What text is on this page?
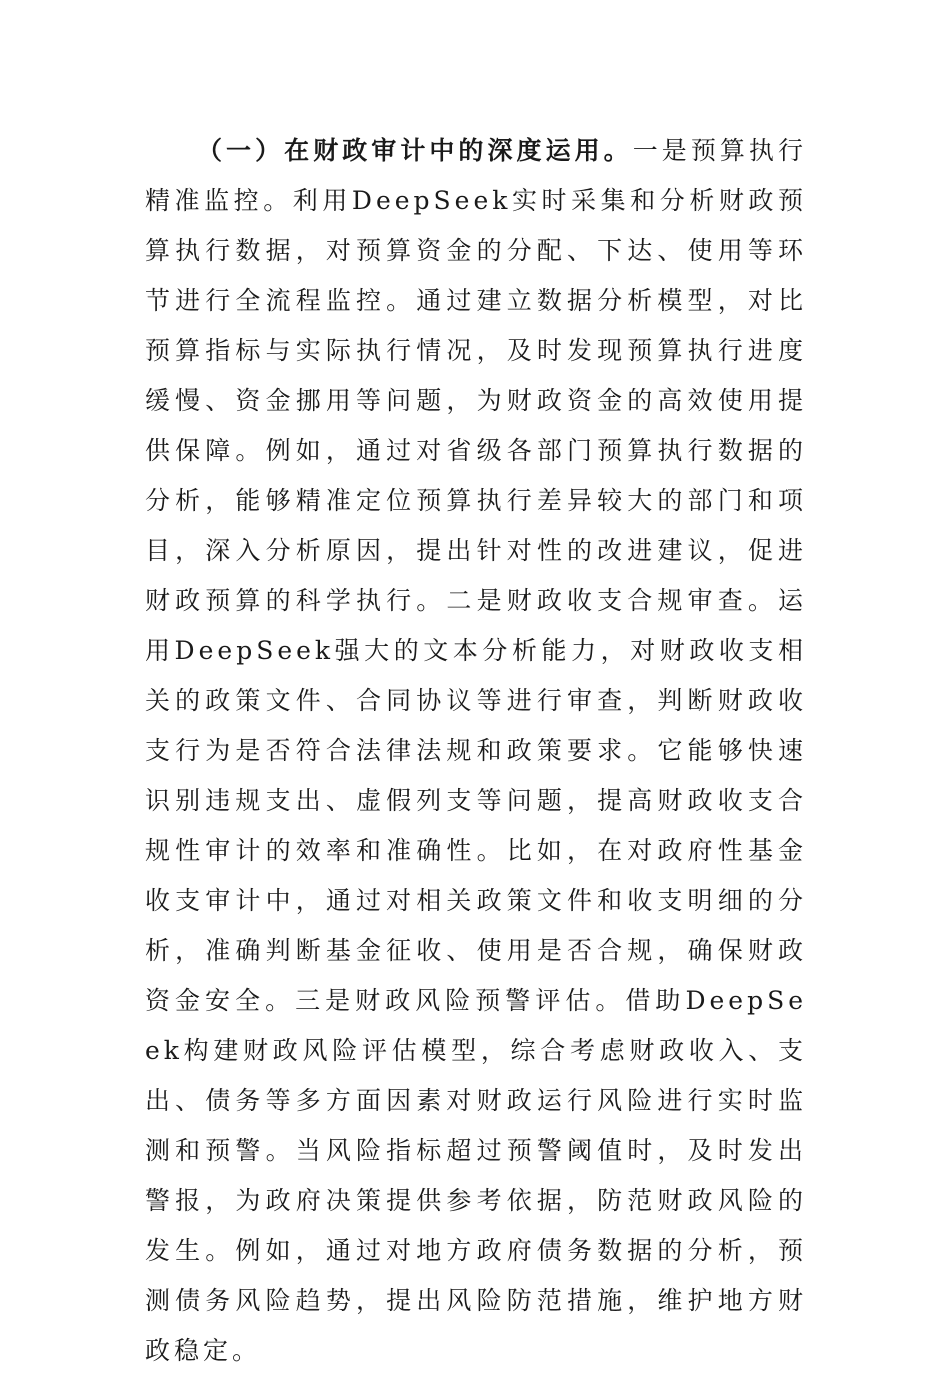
（一）在财政审计中的深度运用。一是预算执行精准监控。利用DeepSeek实时采集和分析财政预算执行数据，对预算资金的分配、下达、使用等环节进行全流程监控。通过建立数据分析模型，对比预算指标与实际执行情况，及时发现预算执行进度缓慢、资金挪用等问题，为财政资金的高效使用提供保障。例如，通过对省级各部门预算执行数据的分析，能够精准定位预算执行差异较大的部门和项目，深入分析原因，提出针对性的改进建议，促进财政预算的科学执行。二是财政收支合规审查。运用DeepSeek强大的文本分析能力，对财政收支相关的政策文件、合同协议等进行审查，判断财政收支行为是否符合法律法规和政策要求。它能够快速识别违规支出、虚假列支等问题，提高财政收支合规性审计的效率和准确性。比如，在对政府性基金收支审计中，通过对相关政策文件和收支明细的分析，准确判断基金征收、使用是否合规，确保财政资金安全。三是财政风险预警评估。借助DeepSeek构建财政风险评估模型，综合考虑财政收入、支出、债务等多方面因素对财政运行风险进行实时监测和预警。当风险指标超过预警阈值时，及时发出警报，为政府决策提供参考依据，防范财政风险的发生。例如，通过对地方政府债务数据的分析，预测债务风险趋势，提出风险防范措施，维护地方财政稳定。
